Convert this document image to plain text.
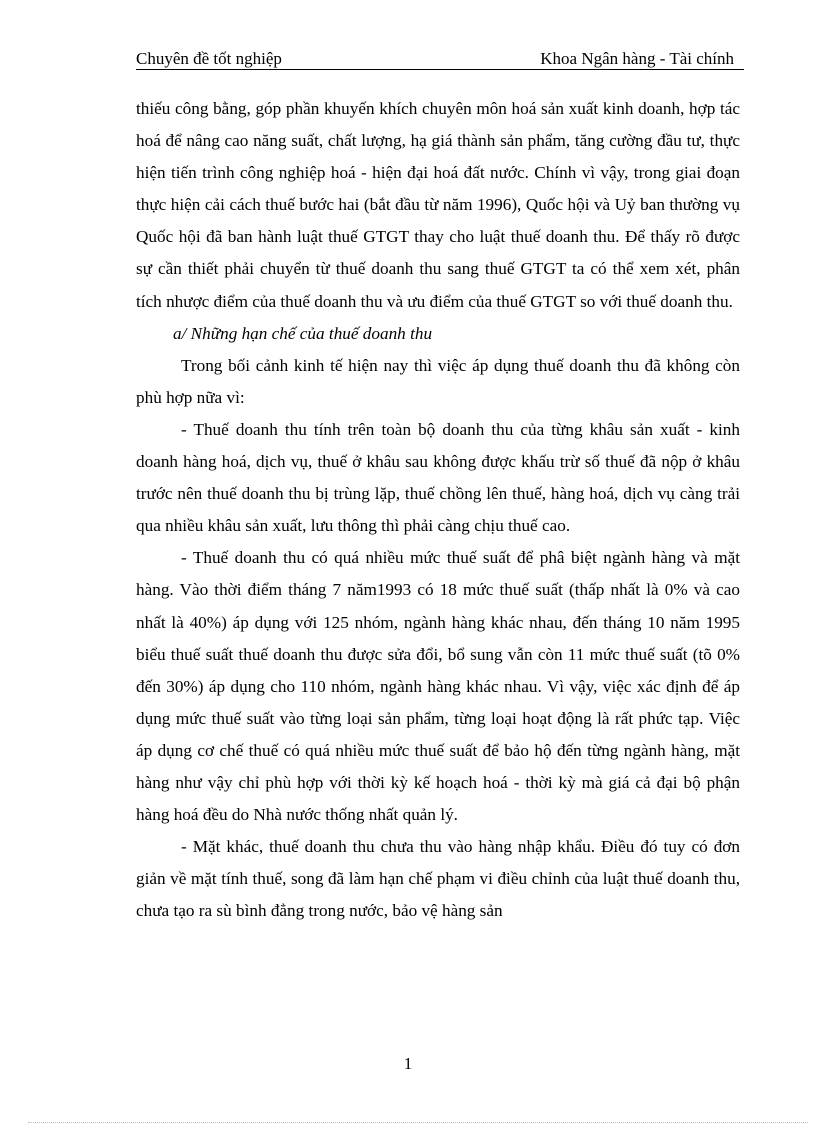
Chuyên đề tốt nghiệp	Khoa Ngân hàng - Tài chính

thiếu công bằng, góp phần khuyến khích chuyên môn hoá sản xuất kinh doanh, hợp tác hoá để nâng cao năng suất, chất lượng, hạ giá thành sản phẩm, tăng cường đầu tư, thực hiện tiến trình công nghiệp hoá - hiện đại hoá đất nước. Chính vì vậy, trong giai đoạn thực hiện cải cách thuế bước hai (bắt đầu từ năm 1996), Quốc hội và Uỷ ban thường vụ Quốc hội đã ban hành luật thuế GTGT thay cho luật thuế doanh thu. Để thấy rõ được sự cần thiết phải chuyển từ thuế doanh thu sang thuế GTGT ta có thể xem xét, phân tích nhược điểm của thuế doanh thu và ưu điểm của thuế GTGT so với thuế doanh thu.

a/ Những hạn chế của thuế doanh thu

Trong bối cảnh kinh tế hiện nay thì việc áp dụng thuế doanh thu đã không còn phù hợp nữa vì:

- Thuế doanh thu tính trên toàn bộ doanh thu của từng khâu sản xuất - kinh doanh hàng hoá, dịch vụ, thuế ở khâu sau không được khấu trừ số thuế đã nộp ở khâu trước nên thuế doanh thu bị trùng lặp, thuế chồng lên thuế, hàng hoá, dịch vụ càng trải qua nhiều khâu sản xuất, lưu thông thì phải càng chịu thuế cao.

- Thuế doanh thu có quá nhiều mức thuế suất để phâ biệt ngành hàng và mặt hàng. Vào thời điểm tháng 7 năm1993 có 18 mức thuế suất (thấp nhất là 0% và cao nhất là 40%) áp dụng với 125 nhóm, ngành hàng khác nhau, đến tháng 10 năm 1995 biểu thuế suất thuế doanh thu được sửa đổi, bổ sung vẫn còn 11 mức thuế suất (tõ 0% đến 30%) áp dụng cho 110 nhóm, ngành hàng khác nhau. Vì vậy, việc xác định để áp dụng mức thuế suất vào từng loại sản phẩm, từng loại hoạt động là rất phức tạp. Việc áp dụng cơ chế thuế có quá nhiều mức thuế suất để bảo hộ đến từng ngành hàng, mặt hàng như vậy chỉ phù hợp với thời kỳ kế hoạch hoá - thời kỳ mà giá cả đại bộ phận hàng hoá đều do Nhà nước thống nhất quản lý.

- Mặt khác, thuế doanh thu chưa thu vào hàng nhập khẩu. Điều đó tuy có đơn giản về mặt tính thuế, song đã làm hạn chế phạm vi điều chỉnh của luật thuế doanh thu, chưa tạo ra sù bình đẳng trong nước, bảo vệ hàng sản

1
